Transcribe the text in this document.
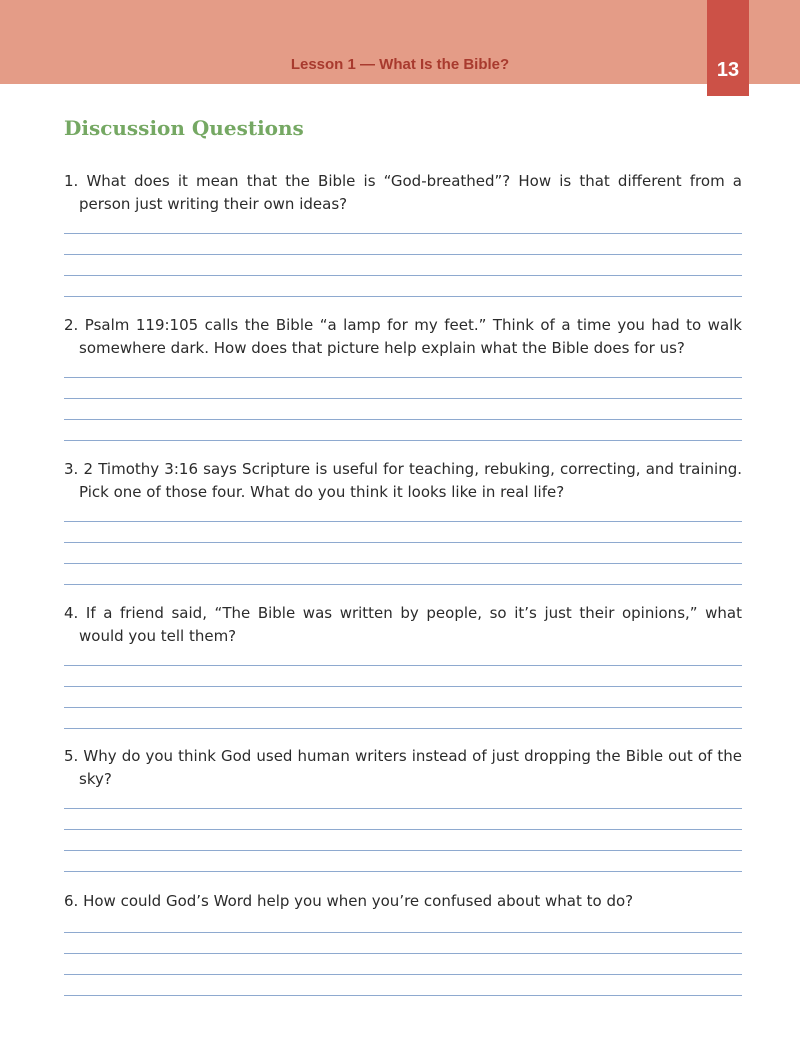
Lesson 1 — What Is the Bible?	13
Discussion Questions

1. What does it mean that the Bible is “God-breathed”? How is that different from a person just writing their own ideas?

2. Psalm 119:105 calls the Bible “a lamp for my feet.” Think of a time you had to walk somewhere dark. How does that picture help explain what the Bible does for us?

3. 2 Timothy 3:16 says Scripture is useful for teaching, rebuking, correcting, and training. Pick one of those four. What do you think it looks like in real life?

4. If a friend said, “The Bible was written by people, so it’s just their opinions,” what would you tell them?

5. Why do you think God used human writers instead of just dropping the Bible out of the sky?

6. How could God’s Word help you when you’re confused about what to do?
